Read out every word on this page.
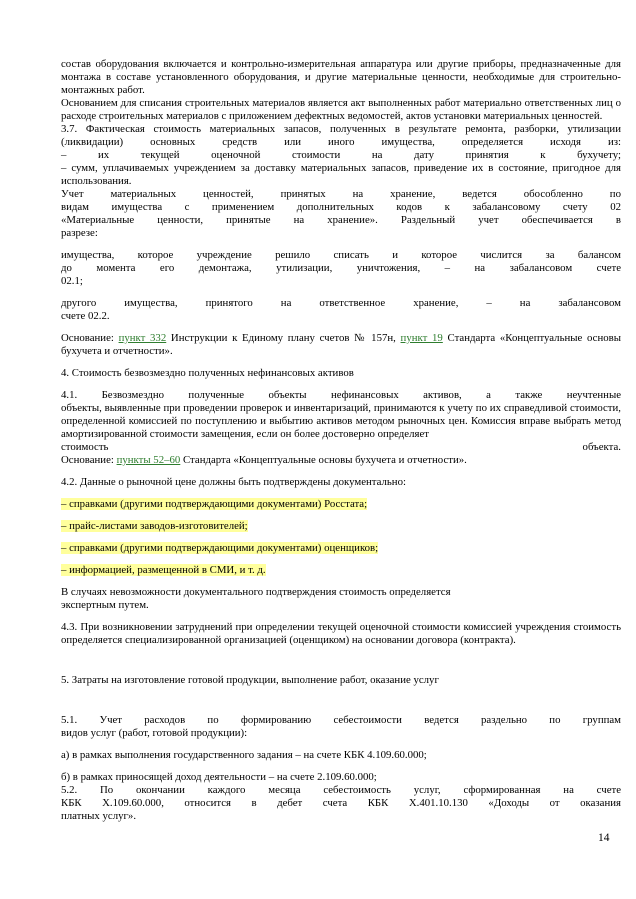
состав оборудования включается и контрольно-измерительная аппаратура или другие приборы, предназначенные для монтажа в составе установленного оборудования, и другие материальные ценности, необходимые для строительно-монтажных работ.

Основанием для списания строительных материалов является акт выполненных работ материально ответственных лиц о расходе строительных материалов с приложением дефектных ведомостей, актов установки материальных ценностей.

3.7. Фактическая стоимость материальных запасов, полученных в результате ремонта, разборки, утилизации

(ликвидации) основных средств или иного имущества, определяется исходя из:

– их текущей оценочной стоимости на дату принятия к бухучету;

– сумм, уплачиваемых учреждением за доставку материальных запасов, приведение их в состояние, пригодное для использования.

Учет материальных ценностей, принятых на хранение, ведется обособленно по

видам имущества с применением дополнительных кодов к забалансовому счету 02

«Материальные ценности, принятые на хранение». Раздельный учет обеспечивается в

разрезе:

имущества, которое учреждение решило списать и которое числится за балансом

до момента его демонтажа, утилизации, уничтожения, – на забалансовом счете

02.1;

другого имущества, принятого на ответственное хранение, – на забалансовом

счете 02.2.

Основание: пункт 332 Инструкции к Единому плану счетов № 157н, пункт 19 Стандарта «Концептуальные основы бухучета и отчетности».

4. Стоимость безвозмездно полученных нефинансовых активов

4.1. Безвозмездно полученные объекты нефинансовых активов, а также неучтенные

объекты, выявленные при проведении проверок и инвентаризаций, принимаются к учету по их справедливой стоимости, определенной комиссией по поступлению и выбытию активов методом рыночных цен. Комиссия вправе выбрать метод амортизированной стоимости замещения, если он более достоверно определяет

стоимость	объекта.

Основание: пункты 52–60 Стандарта «Концептуальные основы бухучета и отчетности».

4.2. Данные о рыночной цене должны быть подтверждены документально:

– справками (другими подтверждающими документами) Росстата;

– прайс-листами заводов-изготовителей;

– справками (другими подтверждающими документами) оценщиков;

– информацией, размещенной в СМИ, и т. д.

В случаях невозможности документального подтверждения стоимость определяется

экспертным путем.

4.3. При возникновении затруднений при определении текущей оценочной стоимости комиссией учреждения стоимость определяется специализированной организацией (оценщиком) на основании договора (контракта).

5. Затраты на изготовление готовой продукции, выполнение работ, оказание услуг

5.1. Учет расходов по формированию себестоимости ведется раздельно по группам

видов услуг (работ, готовой продукции):

а) в рамках выполнения государственного задания – на счете КБК 4.109.60.000;

б) в рамках приносящей доход деятельности – на счете 2.109.60.000;

5.2. По окончании каждого месяца себестоимость услуг, сформированная на счете

КБК Х.109.60.000, относится в дебет счета КБК Х.401.10.130 «Доходы от оказания

платных услуг».

14
